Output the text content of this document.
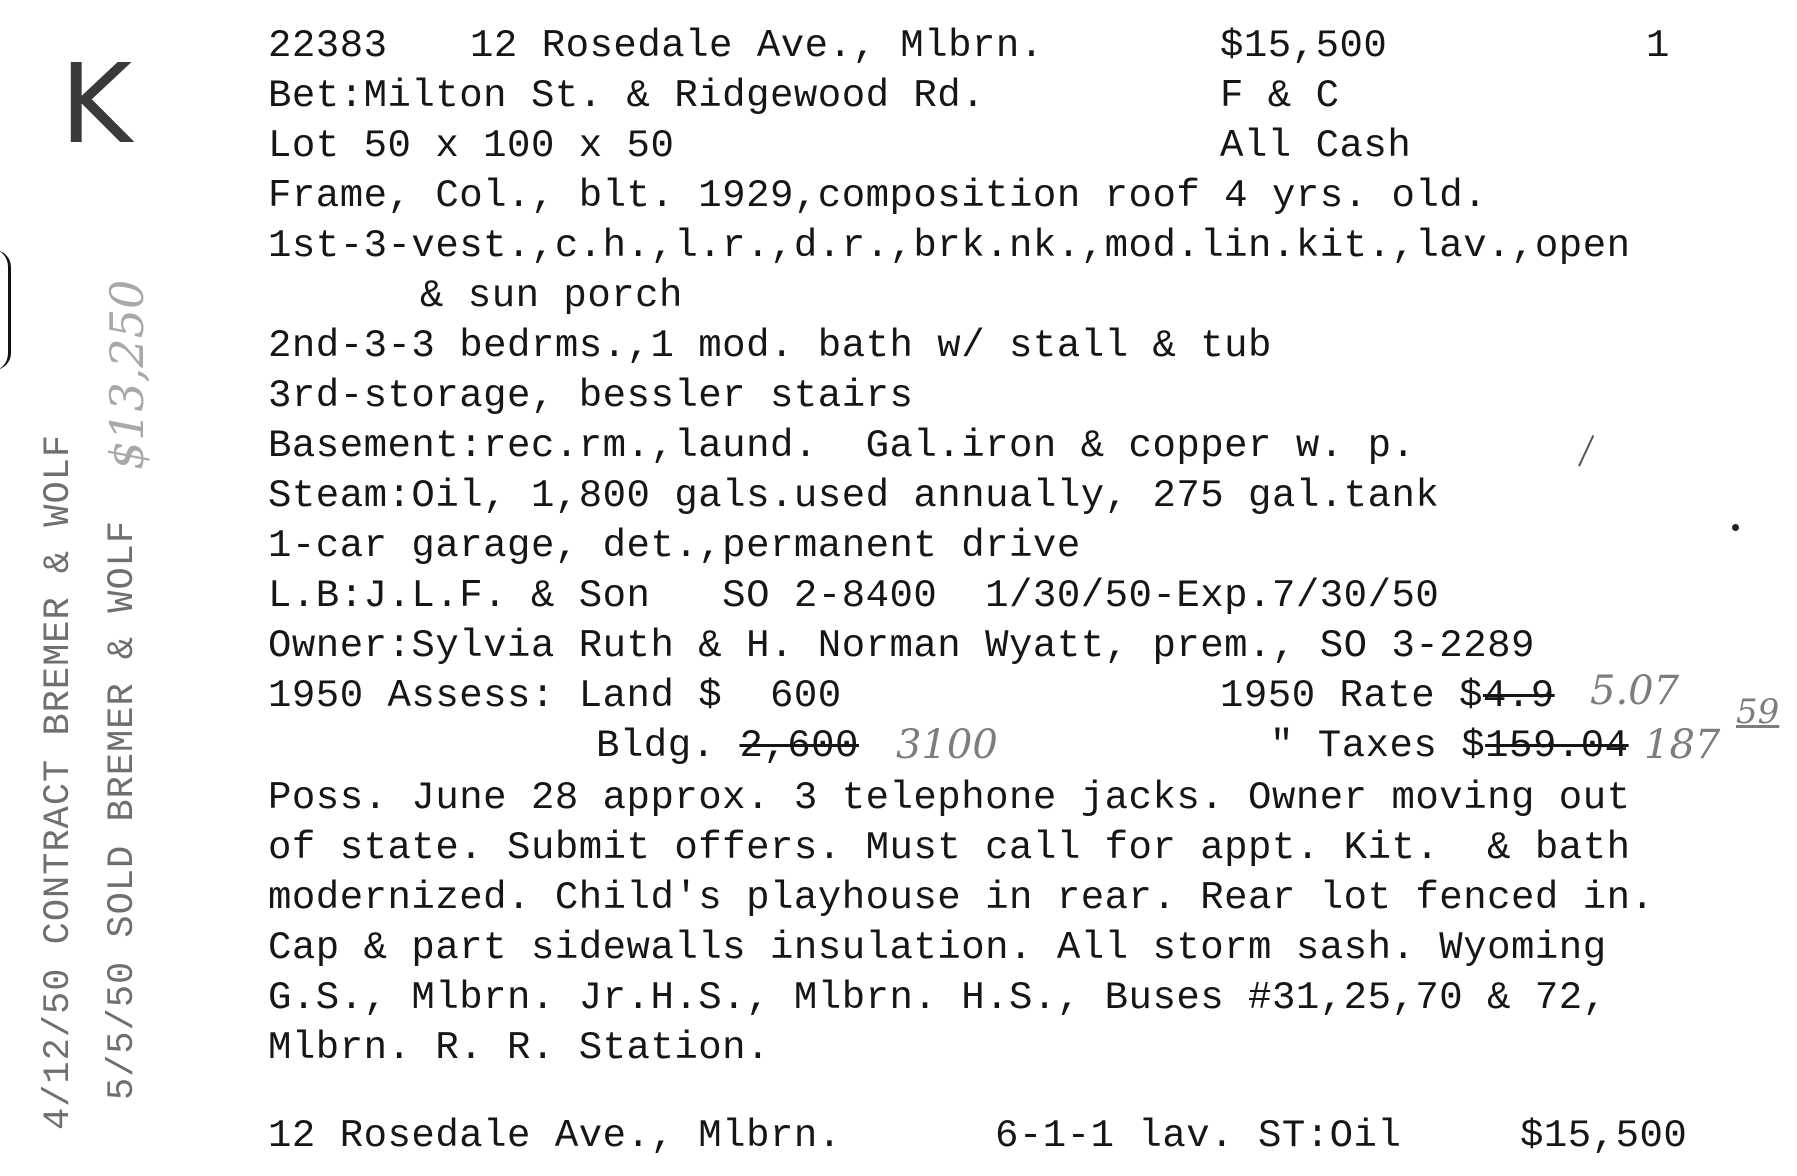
K
4/12/50 CONTRACT BREMER & WOLF 5/5/50 SOLD BREMER & WOLF
$13,250
22383 12 Rosedale Ave., Mlbrn.	$15,500	1
Bet:Milton St. & Ridgewood Rd.	F & C
Lot 50 x 100 x 50	All Cash
Frame, Col., blt. 1929,composition roof 4 yrs. old.
1st-3-vest.,c.h.,l.r.,d.r.,brk.nk.,mod.lin.kit.,lav.,open
& sun porch
2nd-3-3 bedrms.,1 mod. bath w/ stall & tub
3rd-storage, bessler stairs
Basement:rec.rm.,laund.  Gal.iron & copper w. p.
Steam:Oil, 1,800 gals.used annually, 275 gal.tank
1-car garage, det.,permanent drive
L.B:J.L.F. & Son   SO 2-8400  1/30/50-Exp.7/30/50
Owner:Sylvia Ruth & H. Norman Wyatt, prem., SO 3-2289
1950 Assess: Land $  600	1950 Rate $4.9 5.07
Bldg. 2,600 3100	" Taxes $159.04 187
59
Poss. June 28 approx. 3 telephone jacks. Owner moving out
of state. Submit offers. Must call for appt. Kit.  & bath
modernized. Child's playhouse in rear. Rear lot fenced in.
Cap & part sidewalls insulation. All storm sash. Wyoming
G.S., Mlbrn. Jr.H.S., Mlbrn. H.S., Buses #31,25,70 & 72,
Mlbrn. R. R. Station.
12 Rosedale Ave., Mlbrn.	6-1-1 lav. ST:Oil	$15,500
